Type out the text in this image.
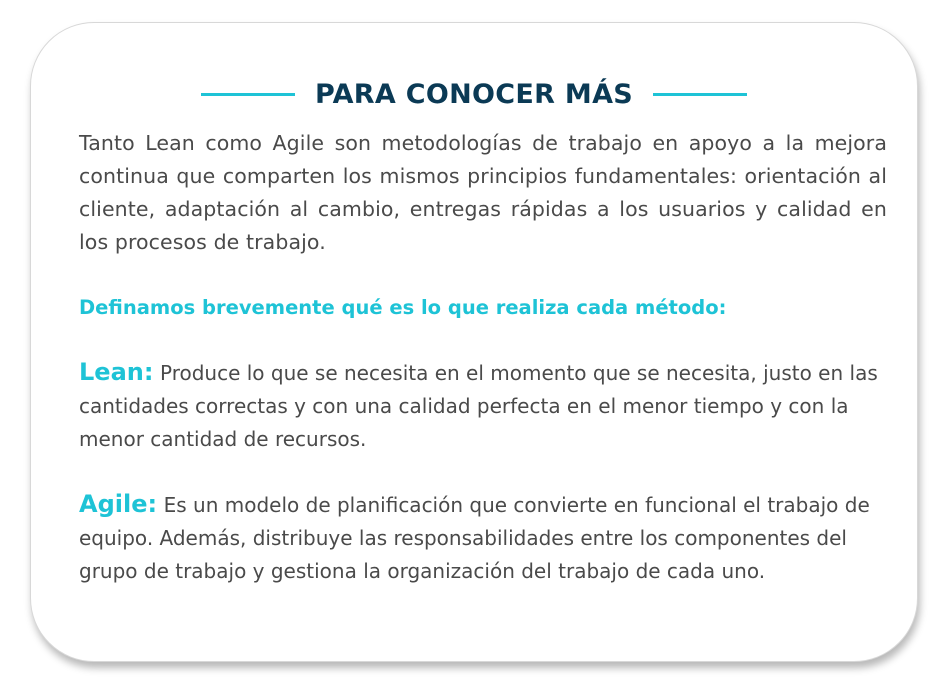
PARA CONOCER MÁS

Tanto Lean como Agile son metodologías de trabajo en apoyo a la mejora continua que comparten los mismos principios fundamentales: orientación al cliente, adaptación al cambio, entregas rápidas a los usuarios y calidad en los procesos de trabajo.

Definamos brevemente qué es lo que realiza cada método:

Lean: Produce lo que se necesita en el momento que se necesita, justo en las cantidades correctas y con una calidad perfecta en el menor tiempo y con la menor cantidad de recursos.

Agile: Es un modelo de planificación que convierte en funcional el trabajo de equipo. Además, distribuye las responsabilidades entre los componentes del grupo de trabajo y gestiona la organización del trabajo de cada uno.
